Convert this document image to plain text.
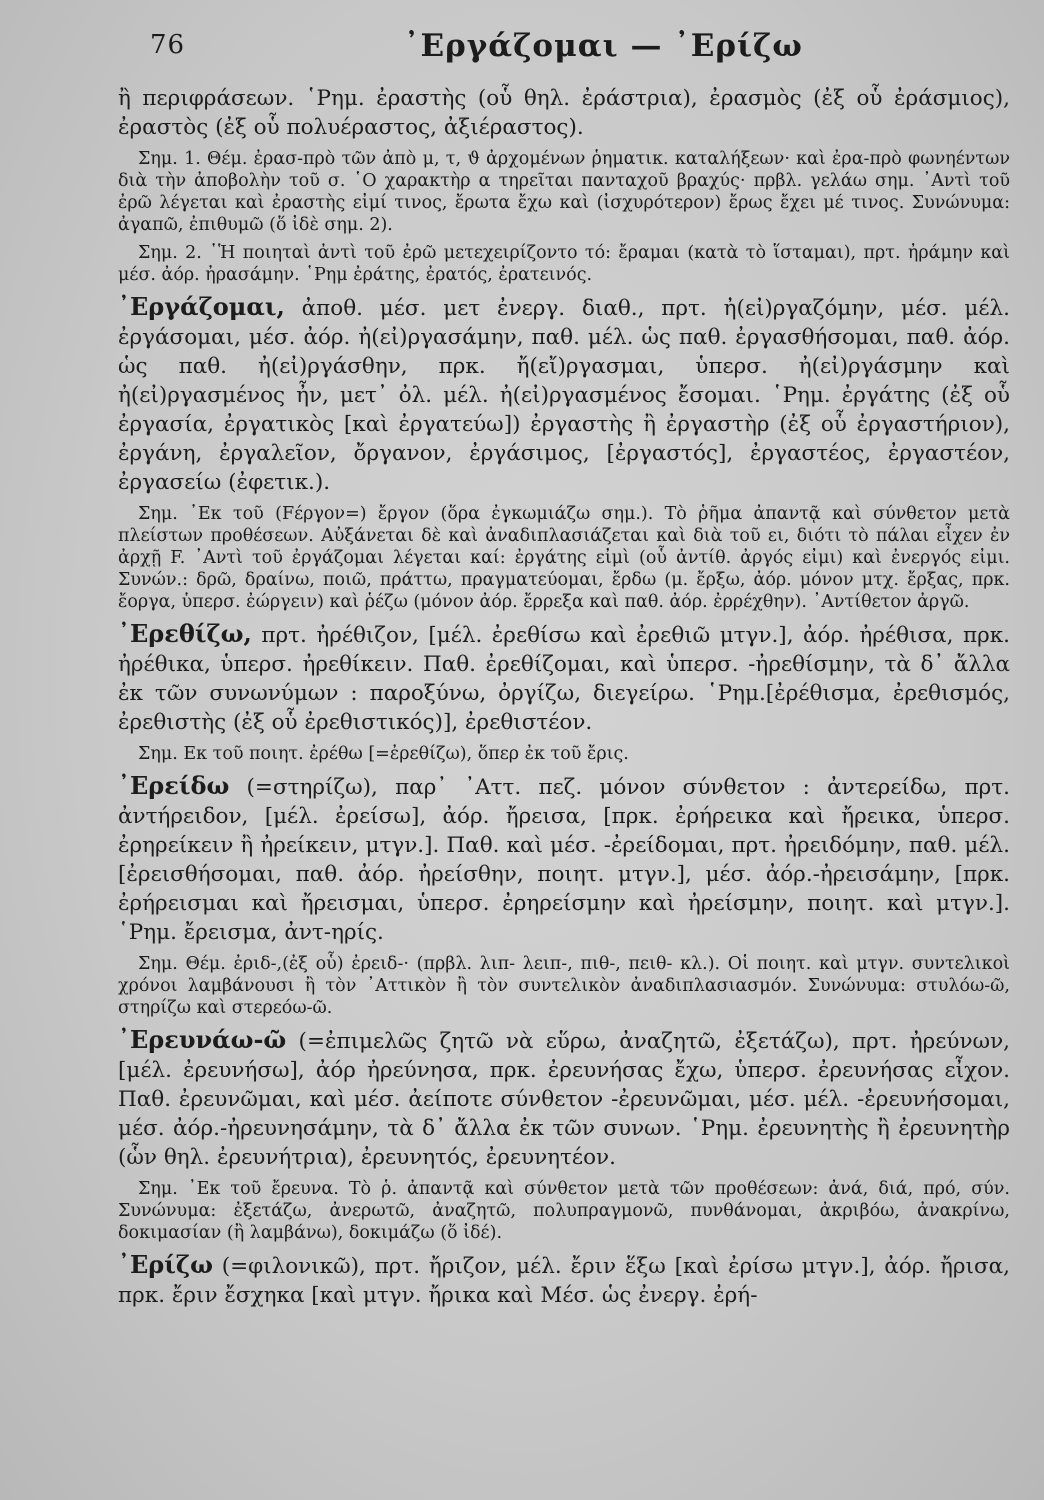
76	᾿Εργάζομαι — ᾿Ερίζω

ἢ περιφράσεων. ῾Ρημ. ἐραστὴς (οὗ θηλ. ἐράστρια), ἐρασμὸς (ἐξ οὗ ἐράσμιος), ἐραστὸς (ἐξ οὗ πολυέραστος, ἀξιέραστος).

Σημ. 1. Θέμ. ἐρασ-πρὸ τῶν ἀπὸ μ, τ, ϑ ἀρχομένων ῥηματικ. καταλήξεων· καὶ ἐρα-πρὸ φωνηέντων διὰ τὴν ἀποβολὴν τοῦ σ. ῾Ο χαρακτὴρ α τηρεῖται πανταχοῦ βραχύς· πρβλ. γελάω σημ. ᾿Αντὶ τοῦ ἐρῶ λέγεται καὶ ἐραστὴς εἰμί τινος, ἔρωτα ἔχω καὶ (ἰσχυρότερον) ἔρως ἔχει μέ τινος. Συνώνυμα: ἀγαπῶ, ἐπιθυμῶ (ὅ ἰδὲ σημ. 2).

Σημ. 2. ῾Ἡ ποιηταὶ ἀντὶ τοῦ ἐρῶ μετεχειρίζοντο τό: ἔραμαι (κατὰ τὸ ἵσταμαι), πρτ. ἠράμην καὶ μέσ. ἀόρ. ἠρασάμην. ῾Ρημ ἐράτης, ἐρατός, ἐρατεινός.

᾿Εργάζομαι, ἀποθ. μέσ. μετ ἐνεργ. διαθ., πρτ. ἠ(εἰ)ργαζόμην, μέσ. μέλ. ἐργάσομαι, μέσ. ἀόρ. ἠ(εἰ)ργασάμην, παθ. μέλ. ὡς παθ. ἐργασθήσομαι, παθ. ἀόρ. ὡς παθ. ἠ(εἰ)ργάσθην, πρκ. ἤ(εἴ)ργασμαι, ὑπερσ. ἠ(εἰ)ργάσμην καὶ ἠ(εἰ)ργασμένος ἦν, μετ᾿ ὀλ. μέλ. ἠ(εἰ)ργασμένος ἔσομαι. ῾Ρημ. ἐργάτης (ἐξ οὗ ἐργασία, ἐργατικὸς [καὶ ἐργατεύω]) ἐργαστὴς ἢ ἐργαστὴρ (ἐξ οὗ ἐργαστήριον), ἐργάνη, ἐργαλεῖον, ὄργανον, ἐργάσιμος, [ἐργαστός], ἐργαστέος, ἐργαστέον, ἐργασείω (ἐφετικ.).

Σημ. ᾿Εκ τοῦ (Fέργον=) ἔργον (ὅρα ἐγκωμιάζω σημ.). Τὸ ῥῆμα ἀπαντᾷ καὶ σύνθετον μετὰ πλείστων προθέσεων. Αὐξάνεται δὲ καὶ ἀναδιπλασιάζεται καὶ διὰ τοῦ ει, διότι τὸ πάλαι εἶχεν ἐν ἀρχῇ F. ᾿Αντὶ τοῦ ἐργάζομαι λέγεται καί: ἐργάτης εἰμὶ (οὗ ἀντίθ. ἀργός εἰμι) καὶ ἐνεργός εἰμι. Συνών.: δρῶ, δραίνω, ποιῶ, πράττω, πραγματεύομαι, ἔρδω (μ. ἔρξω, ἀόρ. μόνον μτχ. ἔρξας, πρκ. ἔοργα, ὑπερσ. ἐώργειν) καὶ ῥέζω (μόνον ἀόρ. ἔρρεξα καὶ παθ. ἀόρ. ἐρρέχθην). ᾿Αντίθετον ἀργῶ.

᾿Ερεθίζω, πρτ. ἠρέθιζον, [μέλ. ἐρεθίσω καὶ ἐρεθιῶ μτγν.], ἀόρ. ἠρέθισα, πρκ. ἠρέθικα, ὑπερσ. ἠρεθίκειν. Παθ. ἐρεθίζομαι, καὶ ὑπερσ. -ἠρεθίσμην, τὰ δ᾿ ἄλλα ἐκ τῶν συνωνύμων : παροξύνω, ὀργίζω, διεγείρω. ῾Ρημ.[ἐρέθισμα, ἐρεθισμός, ἐρεθιστὴς (ἐξ οὗ ἐρεθιστικός)], ἐρεθιστέον.

Σημ. Εκ τοῦ ποιητ. ἐρέθω [=ἐρεθίζω), ὅπερ ἐκ τοῦ ἔρις.

᾿Ερείδω (=στηρίζω), παρ᾿ ᾿Αττ. πεζ. μόνον σύνθετον : ἀντερείδω, πρτ. ἀντήρειδον, [μέλ. ἐρείσω], ἀόρ. ἤρεισα, [πρκ. ἐρήρεικα καὶ ἤρεικα, ὑπερσ. ἐρηρείκειν ἢ ἠρείκειν, μτγν.]. Παθ. καὶ μέσ. -ἐρείδομαι, πρτ. ἠρειδόμην, παθ. μέλ. [ἐρεισθήσομαι, παθ. ἀόρ. ἠρείσθην, ποιητ. μτγν.], μέσ. ἀόρ.-ἠρεισάμην, [πρκ. ἐρήρεισμαι καὶ ἤρεισμαι, ὑπερσ. ἐρηρείσμην καὶ ἠρείσμην, ποιητ. καὶ μτγν.]. ῾Ρημ. ἔρεισμα, ἀντ-ηρίς.

Σημ. Θέμ. ἐριδ-,(ἐξ οὗ) ἐρειδ-· (πρβλ. λιπ- λειπ-, πιθ-, πειθ- κλ.). Οἱ ποιητ. καὶ μτγν. συντελικοὶ χρόνοι λαμβάνουσι ἢ τὸν ᾿Αττικὸν ἢ τὸν συντελικὸν ἀναδιπλασιασμόν. Συνώνυμα: στυλόω-ῶ, στηρίζω καὶ στερεόω-ῶ.

᾿Ερευνάω-ῶ (=ἐπιμελῶς ζητῶ νὰ εὕρω, ἀναζητῶ, ἐξετάζω), πρτ. ἠρεύνων, [μέλ. ἐρευνήσω], ἀόρ ἠρεύνησα, πρκ. ἐρευνήσας ἔχω, ὑπερσ. ἐρευνήσας εἶχον. Παθ. ἐρευνῶμαι, καὶ μέσ. ἀείποτε σύνθετον -ἐρευνῶμαι, μέσ. μέλ. -ἐρευνήσομαι, μέσ. ἀόρ.-ἠρευνησάμην, τὰ δ᾿ ἄλλα ἐκ τῶν συνων. ῾Ρημ. ἐρευνητὴς ἢ ἐρευνητὴρ (ὧν θηλ. ἐρευνήτρια), ἐρευνητός, ἐρευνητέον.

Σημ. ᾿Εκ τοῦ ἔρευνα. Τὸ ῥ. ἀπαντᾷ καὶ σύνθετον μετὰ τῶν προθέσεων: ἀνά, διά, πρό, σύν. Συνώνυμα: ἐξετάζω, ἀνερωτῶ, ἀναζητῶ, πολυπραγμονῶ, πυνθάνομαι, ἀκριβόω, ἀνακρίνω, δοκιμασίαν (ἢ λαμβάνω), δοκιμάζω (ὅ ἰδέ).

᾿Ερίζω (=φιλονικῶ), πρτ. ἤριζον, μέλ. ἔριν ἕξω [καὶ ἐρίσω μτγν.], ἀόρ. ἤρισα, πρκ. ἔριν ἔσχηκα [καὶ μτγν. ἤρικα καὶ Μέσ. ὡς ἐνεργ. ἐρή-
